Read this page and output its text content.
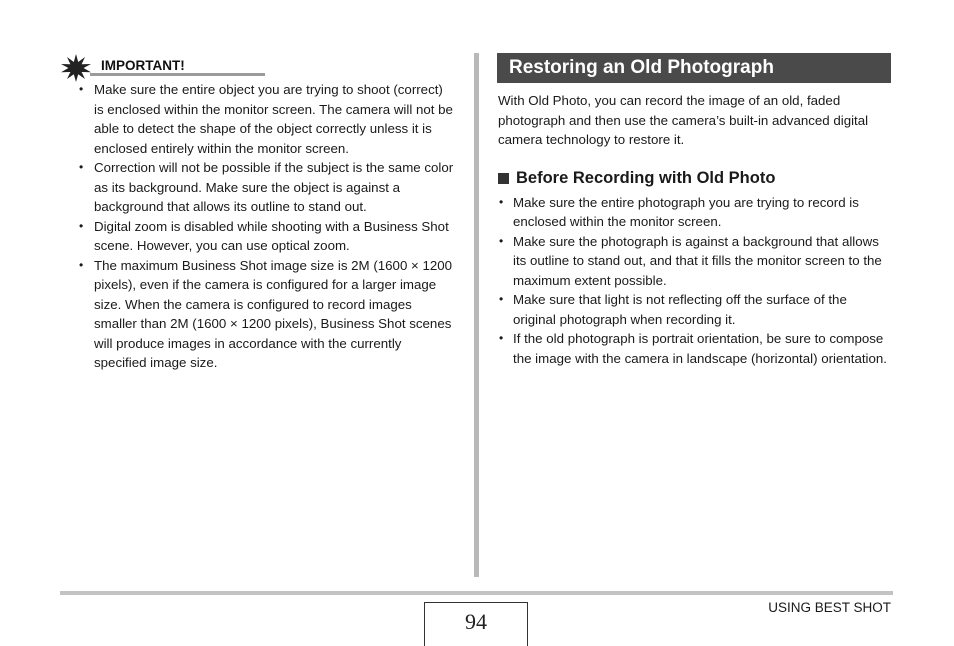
IMPORTANT!
• Make sure the entire object you are trying to shoot (correct) is enclosed within the monitor screen. The camera will not be able to detect the shape of the object correctly unless it is enclosed entirely within the monitor screen.
• Correction will not be possible if the subject is the same color as its background. Make sure the object is against a background that allows its outline to stand out.
• Digital zoom is disabled while shooting with a Business Shot scene. However, you can use optical zoom.
• The maximum Business Shot image size is 2M (1600 × 1200 pixels), even if the camera is configured for a larger image size. When the camera is configured to record images smaller than 2M (1600 × 1200 pixels), Business Shot scenes will produce images in accordance with the currently specified image size.
Restoring an Old Photograph
With Old Photo, you can record the image of an old, faded photograph and then use the camera’s built-in advanced digital camera technology to restore it.
Before Recording with Old Photo
• Make sure the entire photograph you are trying to record is enclosed within the monitor screen.
• Make sure the photograph is against a background that allows its outline to stand out, and that it fills the monitor screen to the maximum extent possible.
• Make sure that light is not reflecting off the surface of the original photograph when recording it.
• If the old photograph is portrait orientation, be sure to compose the image with the camera in landscape (horizontal) orientation.
94
USING BEST SHOT
